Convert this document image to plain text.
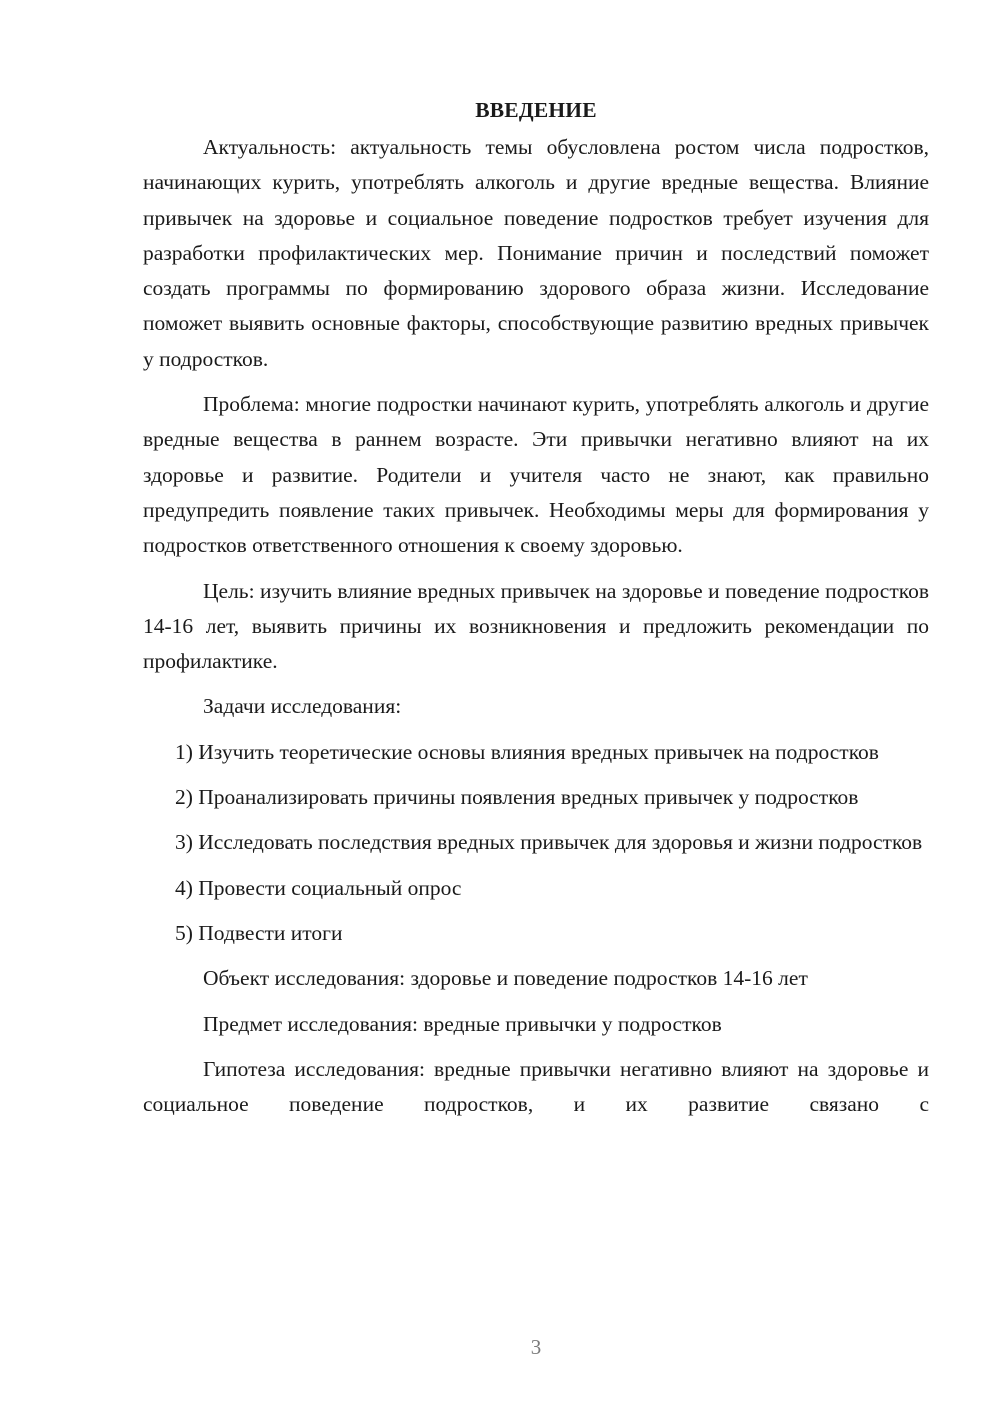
ВВЕДЕНИЕ

Актуальность: актуальность темы обусловлена ростом числа подростков, начинающих курить, употреблять алкоголь и другие вредные вещества. Влияние привычек на здоровье и социальное поведение подростков требует изучения для разработки профилактических мер. Понимание причин и последствий поможет создать программы по формированию здорового образа жизни. Исследование поможет выявить основные факторы, способствующие развитию вредных привычек у подростков.

Проблема: многие подростки начинают курить, употреблять алкоголь и другие вредные вещества в раннем возрасте. Эти привычки негативно влияют на их здоровье и развитие. Родители и учителя часто не знают, как правильно предупредить появление таких привычек. Необходимы меры для формирования у подростков ответственного отношения к своему здоровью.

Цель: изучить влияние вредных привычек на здоровье и поведение подростков 14-16 лет, выявить причины их возникновения и предложить рекомендации по профилактике.

Задачи исследования:

1) Изучить теоретические основы влияния вредных привычек на подростков

2) Проанализировать причины появления вредных привычек у подростков

3) Исследовать последствия вредных привычек для здоровья и жизни подростков

4) Провести социальный опрос

5) Подвести итоги

Объект исследования: здоровье и поведение подростков 14-16 лет

Предмет исследования: вредные привычки у подростков

Гипотеза исследования: вредные привычки негативно влияют на здоровье и социальное поведение подростков, и их развитие связано с

3
